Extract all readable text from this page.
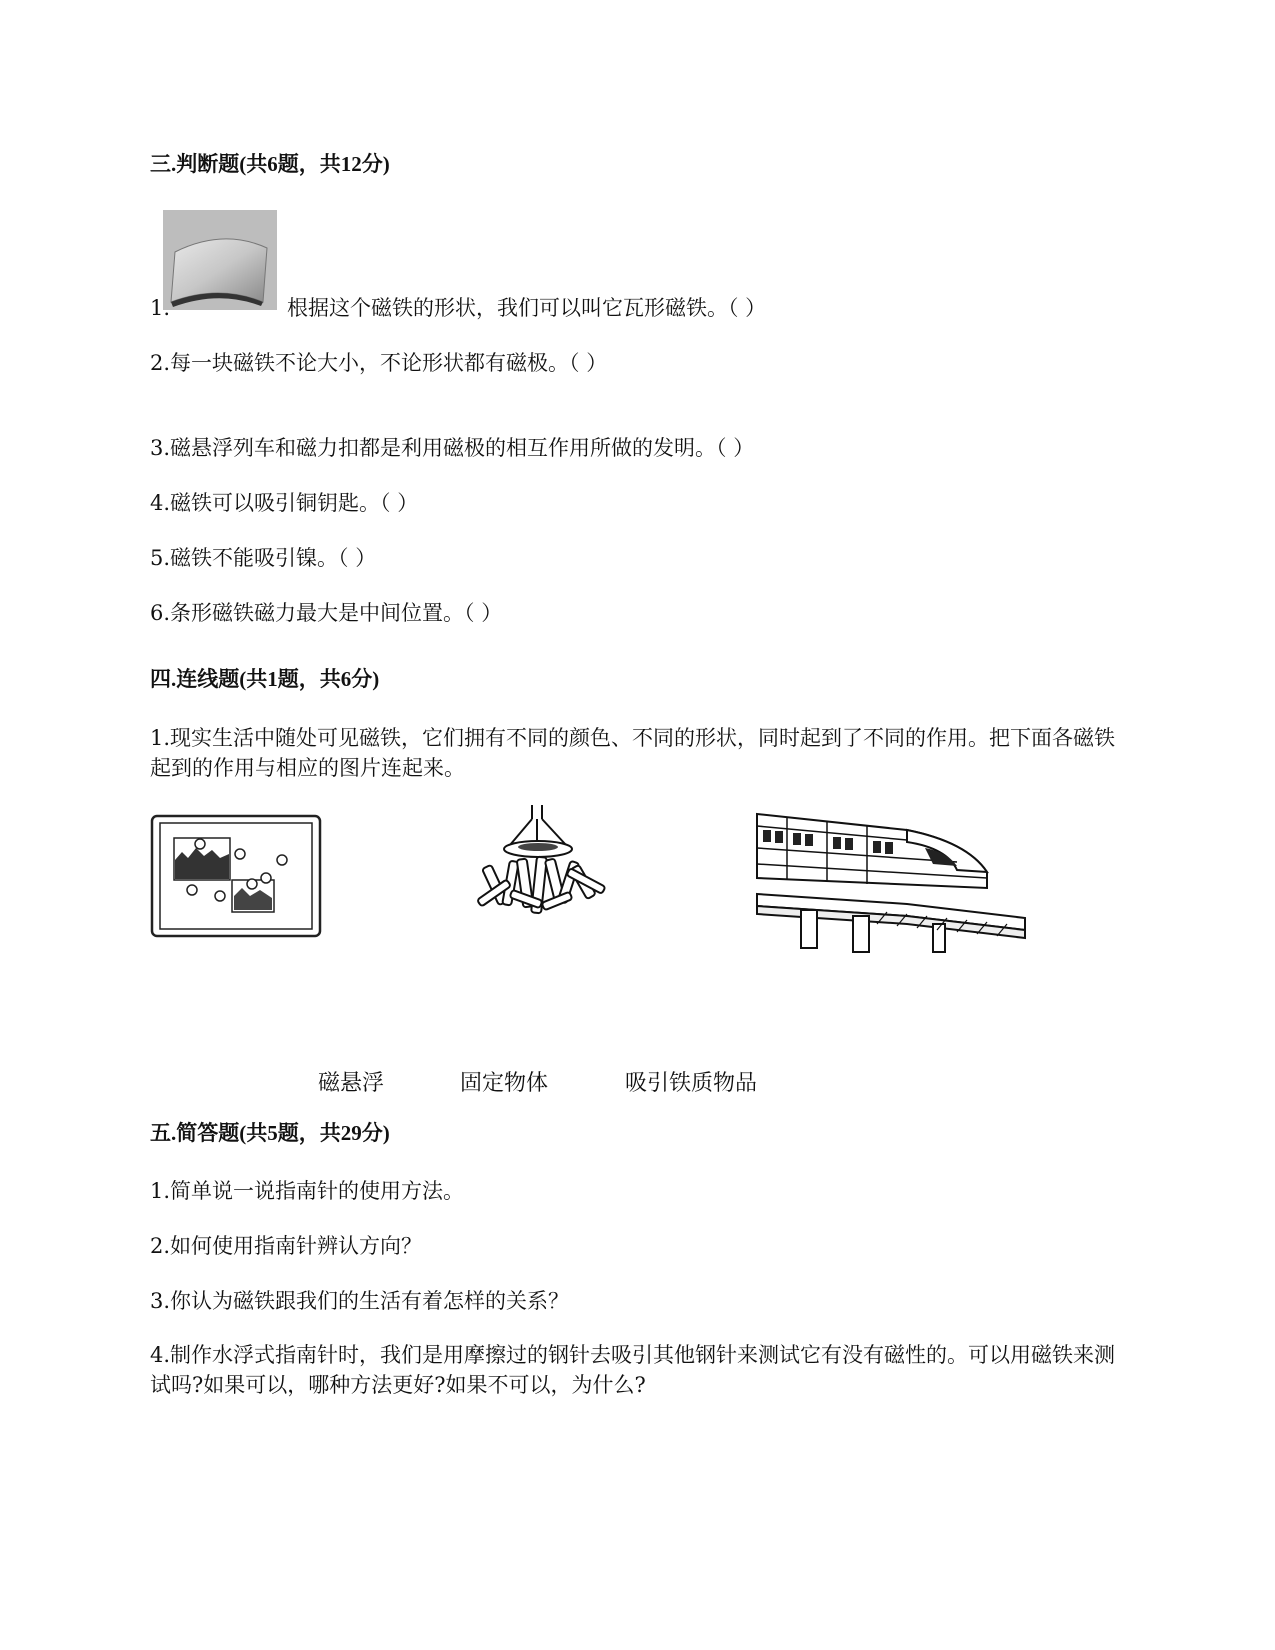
三.判断题(共6题，共12分)
1.	根据这个磁铁的形状，我们可以叫它瓦形磁铁。（ ）
2.每一块磁铁不论大小，不论形状都有磁极。（ ）
3.磁悬浮列车和磁力扣都是利用磁极的相互作用所做的发明。（ ）
4.磁铁可以吸引铜钥匙。（ ）
5.磁铁不能吸引镍。（ ）
6.条形磁铁磁力最大是中间位置。（ ）
四.连线题(共1题，共6分)
1.现实生活中随处可见磁铁，它们拥有不同的颜色、不同的形状，同时起到了不同的作用。把下面各磁铁起到的作用与相应的图片连起来。
磁悬浮	固定物体	吸引铁质物品
五.简答题(共5题，共29分)
1.简单说一说指南针的使用方法。
2.如何使用指南针辨认方向？
3.你认为磁铁跟我们的生活有着怎样的关系？
4.制作水浮式指南针时，我们是用摩擦过的钢针去吸引其他钢针来测试它有没有磁性的。可以用磁铁来测试吗?如果可以，哪种方法更好?如果不可以，为什么?
